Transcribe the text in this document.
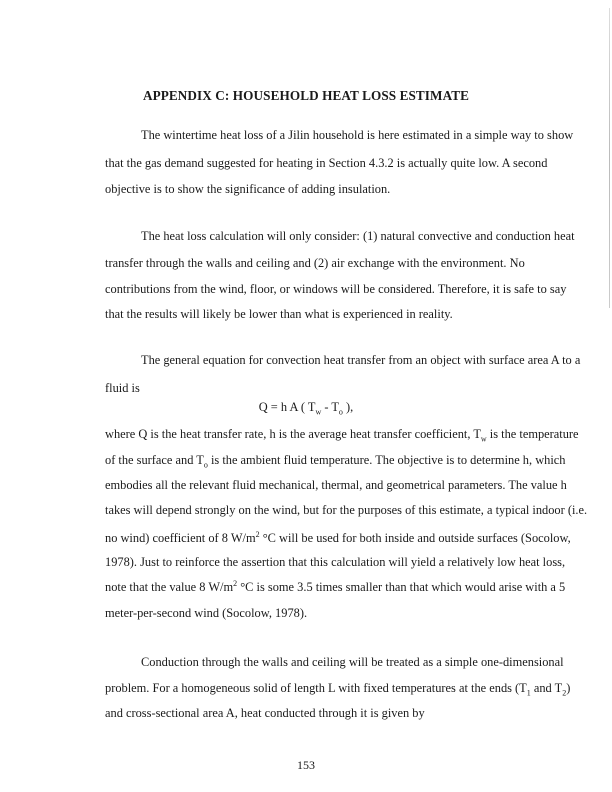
APPENDIX C: HOUSEHOLD HEAT LOSS ESTIMATE
The wintertime heat loss of a Jilin household is here estimated in a simple way to show
that the gas demand suggested for heating in Section 4.3.2 is actually quite low. A second
objective is to show the significance of adding insulation.
The heat loss calculation will only consider: (1) natural convective and conduction heat
transfer through the walls and ceiling and (2) air exchange with the environment. No
contributions from the wind, floor, or windows will be considered. Therefore, it is safe to say
that the results will likely be lower than what is experienced in reality.
The general equation for convection heat transfer from an object with surface area A to a
fluid is
Q = h A ( $T_w - T_o$ ),
where Q is the heat transfer rate, h is the average heat transfer coefficient, $T_w$ is the temperature
of the surface and $T_o$ is the ambient fluid temperature. The objective is to determine h, which
embodies all the relevant fluid mechanical, thermal, and geometrical parameters. The value h
takes will depend strongly on the wind, but for the purposes of this estimate, a typical indoor (i.e.
no wind) coefficient of 8 $W/m^2$ °C will be used for both inside and outside surfaces (Socolow,
1978). Just to reinforce the assertion that this calculation will yield a relatively low heat loss,
note that the value 8 $W/m^2$ °C is some 3.5 times smaller than that which would arise with a 5
meter-per-second wind (Socolow, 1978).
Conduction through the walls and ceiling will be treated as a simple one-dimensional
problem. For a homogeneous solid of length L with fixed temperatures at the ends ($T_1$ and $T_2$)
and cross-sectional area A, heat conducted through it is given by
153
